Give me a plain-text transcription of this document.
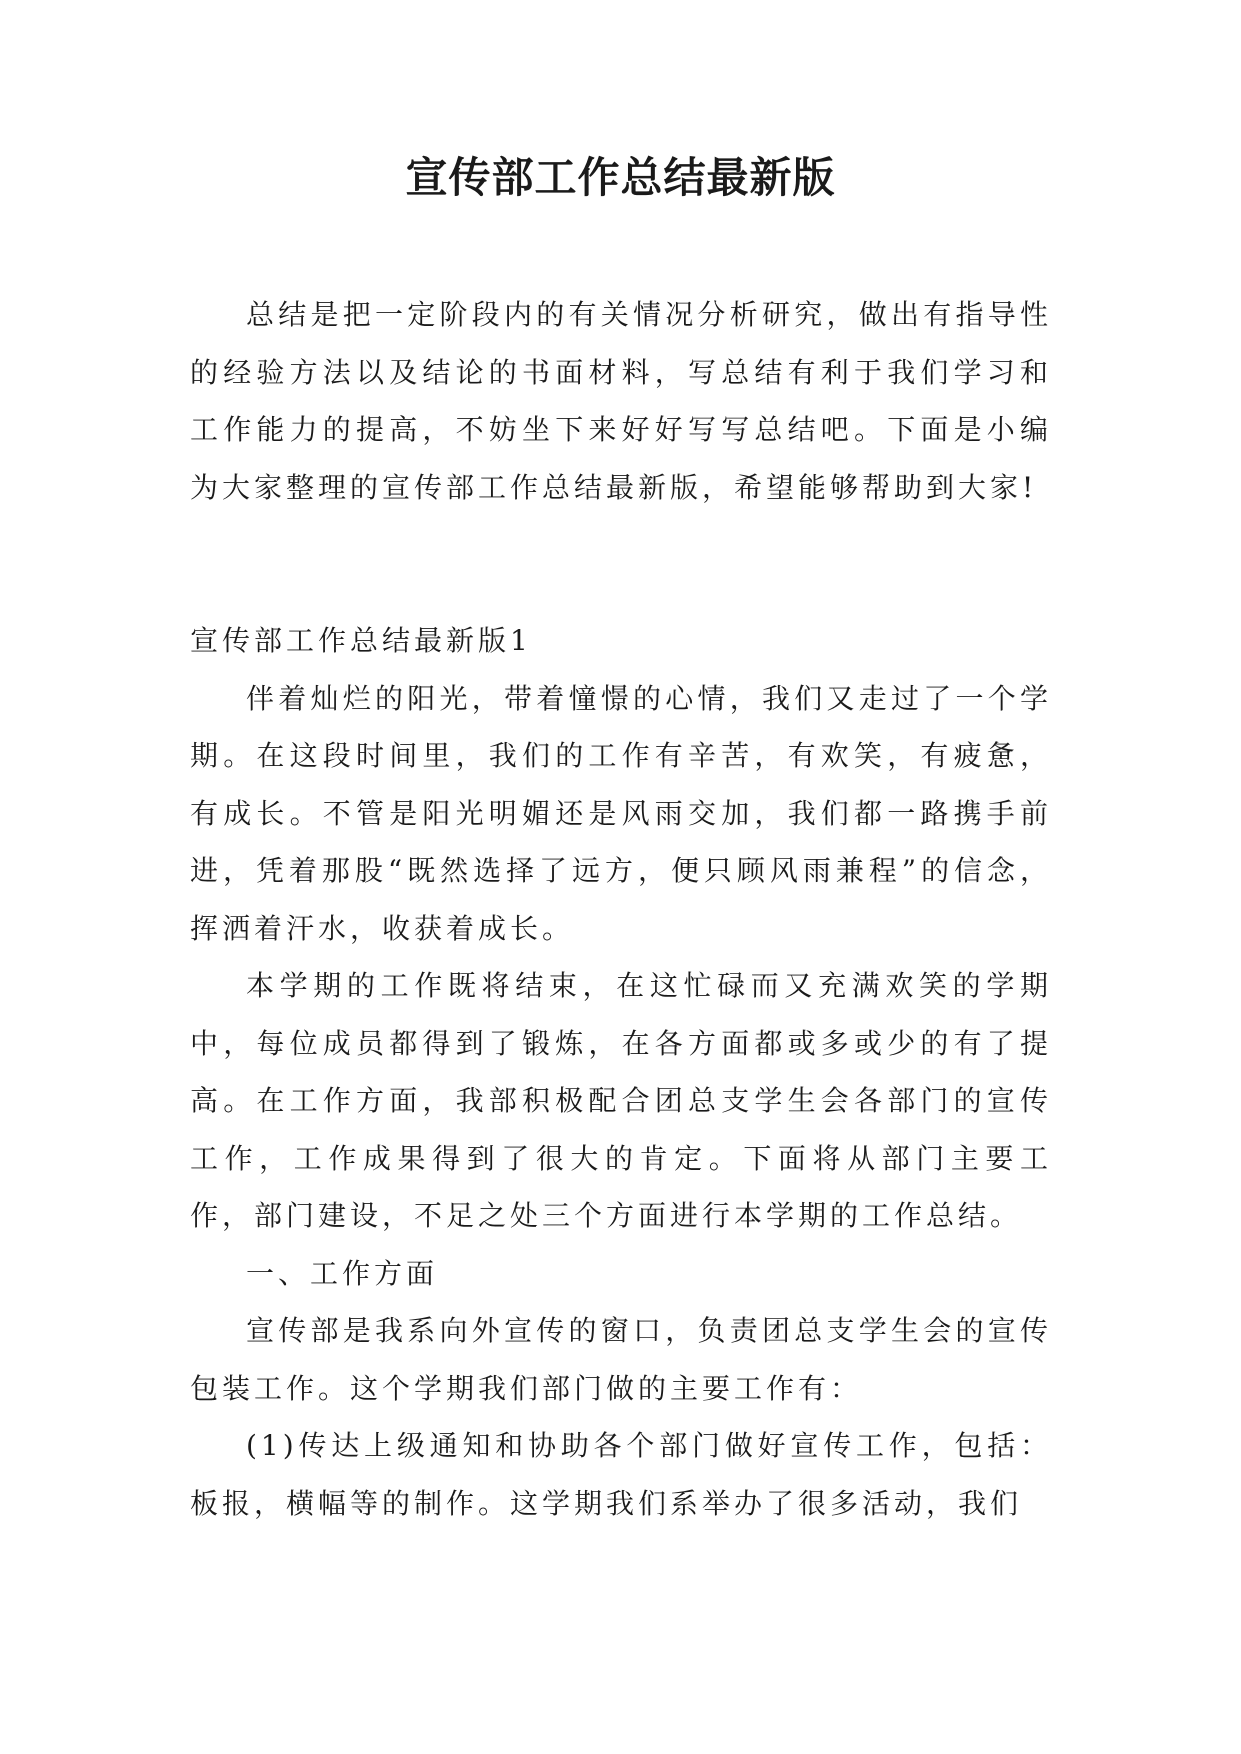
宣传部工作总结最新版

总结是把一定阶段内的有关情况分析研究，做出有指导性的经验方法以及结论的书面材料，写总结有利于我们学习和工作能力的提高，不妨坐下来好好写写总结吧。下面是小编为大家整理的宣传部工作总结最新版，希望能够帮助到大家!

宣传部工作总结最新版1

伴着灿烂的阳光，带着憧憬的心情，我们又走过了一个学期。在这段时间里，我们的工作有辛苦，有欢笑，有疲惫，有成长。不管是阳光明媚还是风雨交加，我们都一路携手前进，凭着那股“既然选择了远方，便只顾风雨兼程”的信念，挥洒着汗水，收获着成长。

本学期的工作既将结束，在这忙碌而又充满欢笑的学期中，每位成员都得到了锻炼，在各方面都或多或少的有了提高。在工作方面，我部积极配合团总支学生会各部门的宣传工作，工作成果得到了很大的肯定。下面将从部门主要工作，部门建设，不足之处三个方面进行本学期的工作总结。

一、工作方面

宣传部是我系向外宣传的窗口，负责团总支学生会的宣传包装工作。这个学期我们部门做的主要工作有：

(1)传达上级通知和协助各个部门做好宣传工作，包括：板报，横幅等的制作。这学期我们系举办了很多活动，我们
